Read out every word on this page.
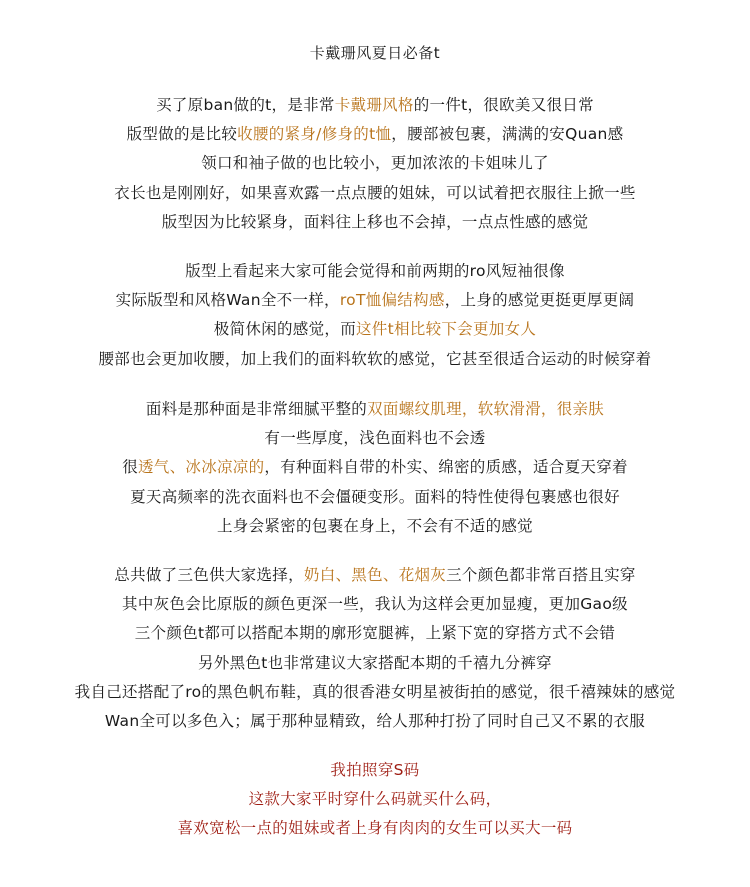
卡戴珊风夏日必备t
买了原ban做的t，是非常卡戴珊风格的一件t，很欧美又很日常
版型做的是比较收腰的紧身/修身的t恤，腰部被包裹，满满的安Quan感
领口和袖子做的也比较小，更加浓浓的卡姐味儿了
衣长也是刚刚好，如果喜欢露一点点腰的姐妹，可以试着把衣服往上掀一些
版型因为比较紧身，面料往上移也不会掉，一点点性感的感觉
版型上看起来大家可能会觉得和前两期的ro风短袖很像
实际版型和风格Wan全不一样，roT恤偏结构感，上身的感觉更挺更厚更阔
极简休闲的感觉，而这件t相比较下会更加女人
腰部也会更加收腰，加上我们的面料软软的感觉，它甚至很适合运动的时候穿着
面料是那种面是非常细腻平整的双面螺纹肌理，软软滑滑，很亲肤
有一些厚度，浅色面料也不会透
很透气、冰冰凉凉的，有种面料自带的朴实、绵密的质感，适合夏天穿着
夏天高频率的洗衣面料也不会僵硬变形。面料的特性使得包裹感也很好
上身会紧密的包裹在身上，不会有不适的感觉
总共做了三色供大家选择，奶白、黑色、花烟灰三个颜色都非常百搭且实穿
其中灰色会比原版的颜色更深一些，我认为这样会更加显瘦，更加Gao级
三个颜色t都可以搭配本期的廓形宽腿裤，上紧下宽的穿搭方式不会错
另外黑色t也非常建议大家搭配本期的千禧九分裤穿
我自己还搭配了ro的黑色帆布鞋，真的很香港女明星被街拍的感觉，很千禧辣妹的感觉
Wan全可以多色入；属于那种显精致，给人那种打扮了同时自己又不累的衣服
我拍照穿S码
这款大家平时穿什么码就买什么码，
喜欢宽松一点的姐妹或者上身有肉肉的女生可以买大一码
